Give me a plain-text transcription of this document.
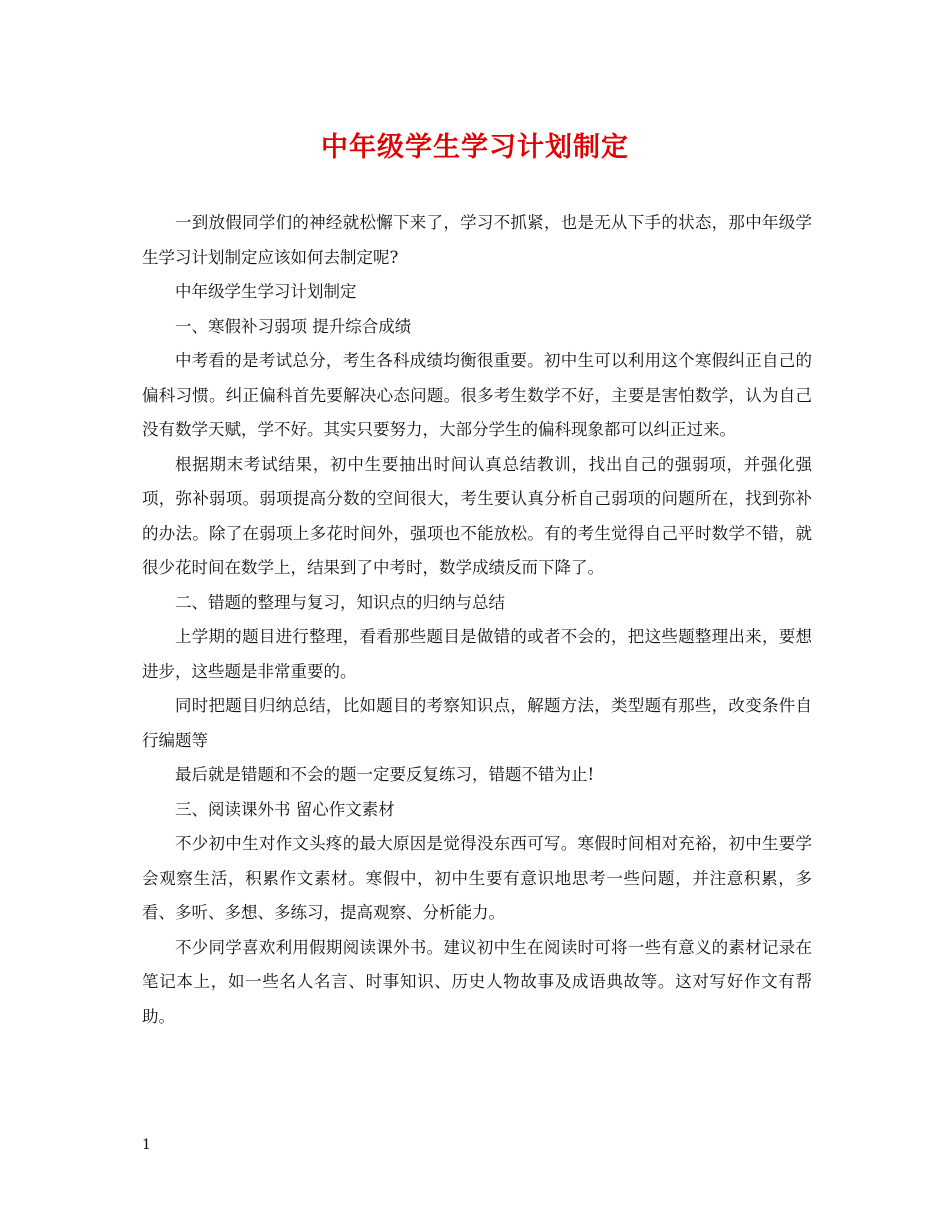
中年级学生学习计划制定

一到放假同学们的神经就松懈下来了，学习不抓紧，也是无从下手的状态，那中年级学生学习计划制定应该如何去制定呢?

中年级学生学习计划制定

一、寒假补习弱项 提升综合成绩

中考看的是考试总分，考生各科成绩均衡很重要。初中生可以利用这个寒假纠正自己的偏科习惯。纠正偏科首先要解决心态问题。很多考生数学不好，主要是害怕数学，认为自己没有数学天赋，学不好。其实只要努力，大部分学生的偏科现象都可以纠正过来。

根据期末考试结果，初中生要抽出时间认真总结教训，找出自己的强弱项，并强化强项，弥补弱项。弱项提高分数的空间很大，考生要认真分析自己弱项的问题所在，找到弥补的办法。除了在弱项上多花时间外，强项也不能放松。有的考生觉得自己平时数学不错，就很少花时间在数学上，结果到了中考时，数学成绩反而下降了。

二、错题的整理与复习，知识点的归纳与总结

上学期的题目进行整理，看看那些题目是做错的或者不会的，把这些题整理出来，要想进步，这些题是非常重要的。

同时把题目归纳总结，比如题目的考察知识点，解题方法，类型题有那些，改变条件自行编题等

最后就是错题和不会的题一定要反复练习，错题不错为止!

三、阅读课外书 留心作文素材

不少初中生对作文头疼的最大原因是觉得没东西可写。寒假时间相对充裕，初中生要学会观察生活，积累作文素材。寒假中，初中生要有意识地思考一些问题，并注意积累，多看、多听、多想、多练习，提高观察、分析能力。

不少同学喜欢利用假期阅读课外书。建议初中生在阅读时可将一些有意义的素材记录在笔记本上，如一些名人名言、时事知识、历史人物故事及成语典故等。这对写好作文有帮助。

1
